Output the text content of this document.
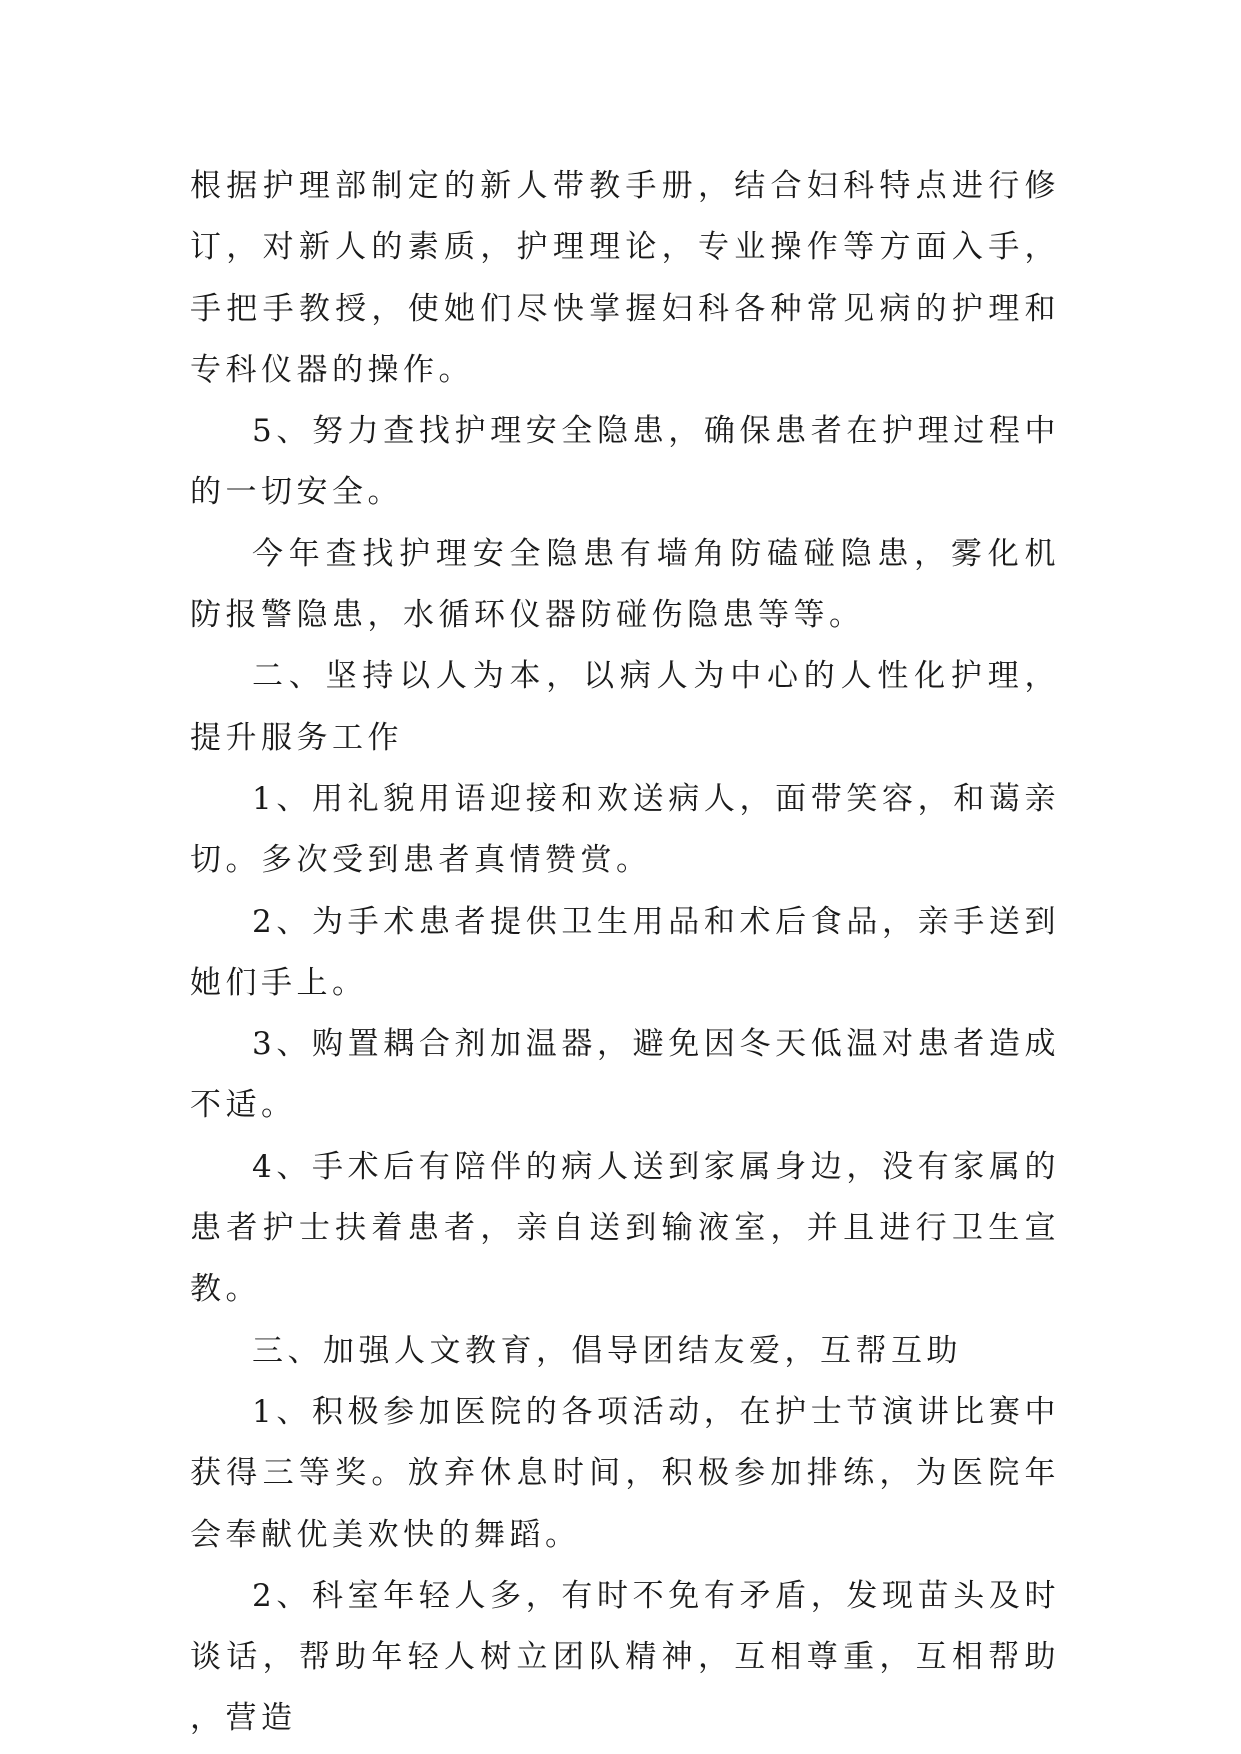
根据护理部制定的新人带教手册，结合妇科特点进行修订，对新人的素质，护理理论，专业操作等方面入手，手把手教授，使她们尽快掌握妇科各种常见病的护理和专科仪器的操作。

5、努力查找护理安全隐患，确保患者在护理过程中的一切安全。

今年查找护理安全隐患有墙角防磕碰隐患，雾化机防报警隐患，水循环仪器防碰伤隐患等等。

二、坚持以人为本，以病人为中心的人性化护理，提升服务工作

1、用礼貌用语迎接和欢送病人，面带笑容，和蔼亲切。多次受到患者真情赞赏。

2、为手术患者提供卫生用品和术后食品，亲手送到她们手上。

3、购置耦合剂加温器，避免因冬天低温对患者造成不适。

4、手术后有陪伴的病人送到家属身边，没有家属的患者护士扶着患者，亲自送到输液室，并且进行卫生宣教。

三、加强人文教育，倡导团结友爱，互帮互助

1、积极参加医院的各项活动，在护士节演讲比赛中获得三等奖。放弃休息时间，积极参加排练，为医院年会奉献优美欢快的舞蹈。

2、科室年轻人多，有时不免有矛盾，发现苗头及时谈话，帮助年轻人树立团队精神，互相尊重，互相帮助，营造
